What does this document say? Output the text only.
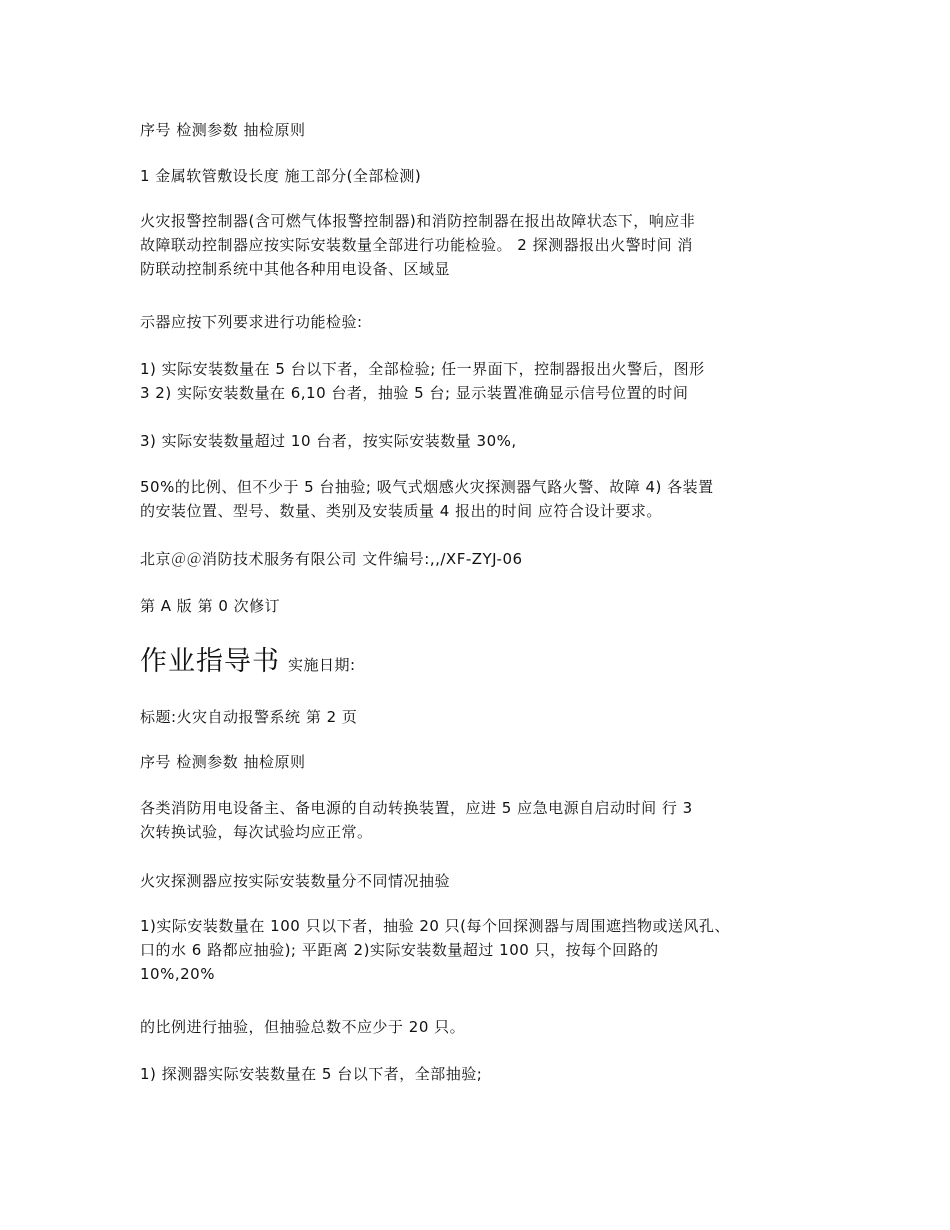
序号 检测参数 抽检原则

1 金属软管敷设长度 施工部分(全部检测)

火灾报警控制器(含可燃气体报警控制器)和消防控制器在报出故障状态下，响应非
故障联动控制器应按实际安装数量全部进行功能检验。 2 探测器报出火警时间 消
防联动控制系统中其他各种用电设备、区域显

示器应按下列要求进行功能检验:

1) 实际安装数量在 5 台以下者，全部检验; 任一界面下，控制器报出火警后，图形
3 2) 实际安装数量在 6,10 台者，抽验 5 台; 显示装置准确显示信号位置的时间

3) 实际安装数量超过 10 台者，按实际安装数量 30%,

50%的比例、但不少于 5 台抽验; 吸气式烟感火灾探测器气路火警、故障 4) 各装置
的安装位置、型号、数量、类别及安装质量 4 报出的时间 应符合设计要求。

北京＠＠消防技术服务有限公司 文件编号:,,/XF-ZYJ-06

第 A 版 第 0 次修订

作业指导书 实施日期:

标题:火灾自动报警系统 第 2 页

序号 检测参数 抽检原则

各类消防用电设备主、备电源的自动转换装置，应进 5 应急电源自启动时间 行 3
次转换试验，每次试验均应正常。

火灾探测器应按实际安装数量分不同情况抽验

1)实际安装数量在 100 只以下者，抽验 20 只(每个回探测器与周围遮挡物或送风孔、
口的水 6 路都应抽验); 平距离 2)实际安装数量超过 100 只，按每个回路的
10%,20%

的比例进行抽验，但抽验总数不应少于 20 只。

1) 探测器实际安装数量在 5 台以下者，全部抽验;
